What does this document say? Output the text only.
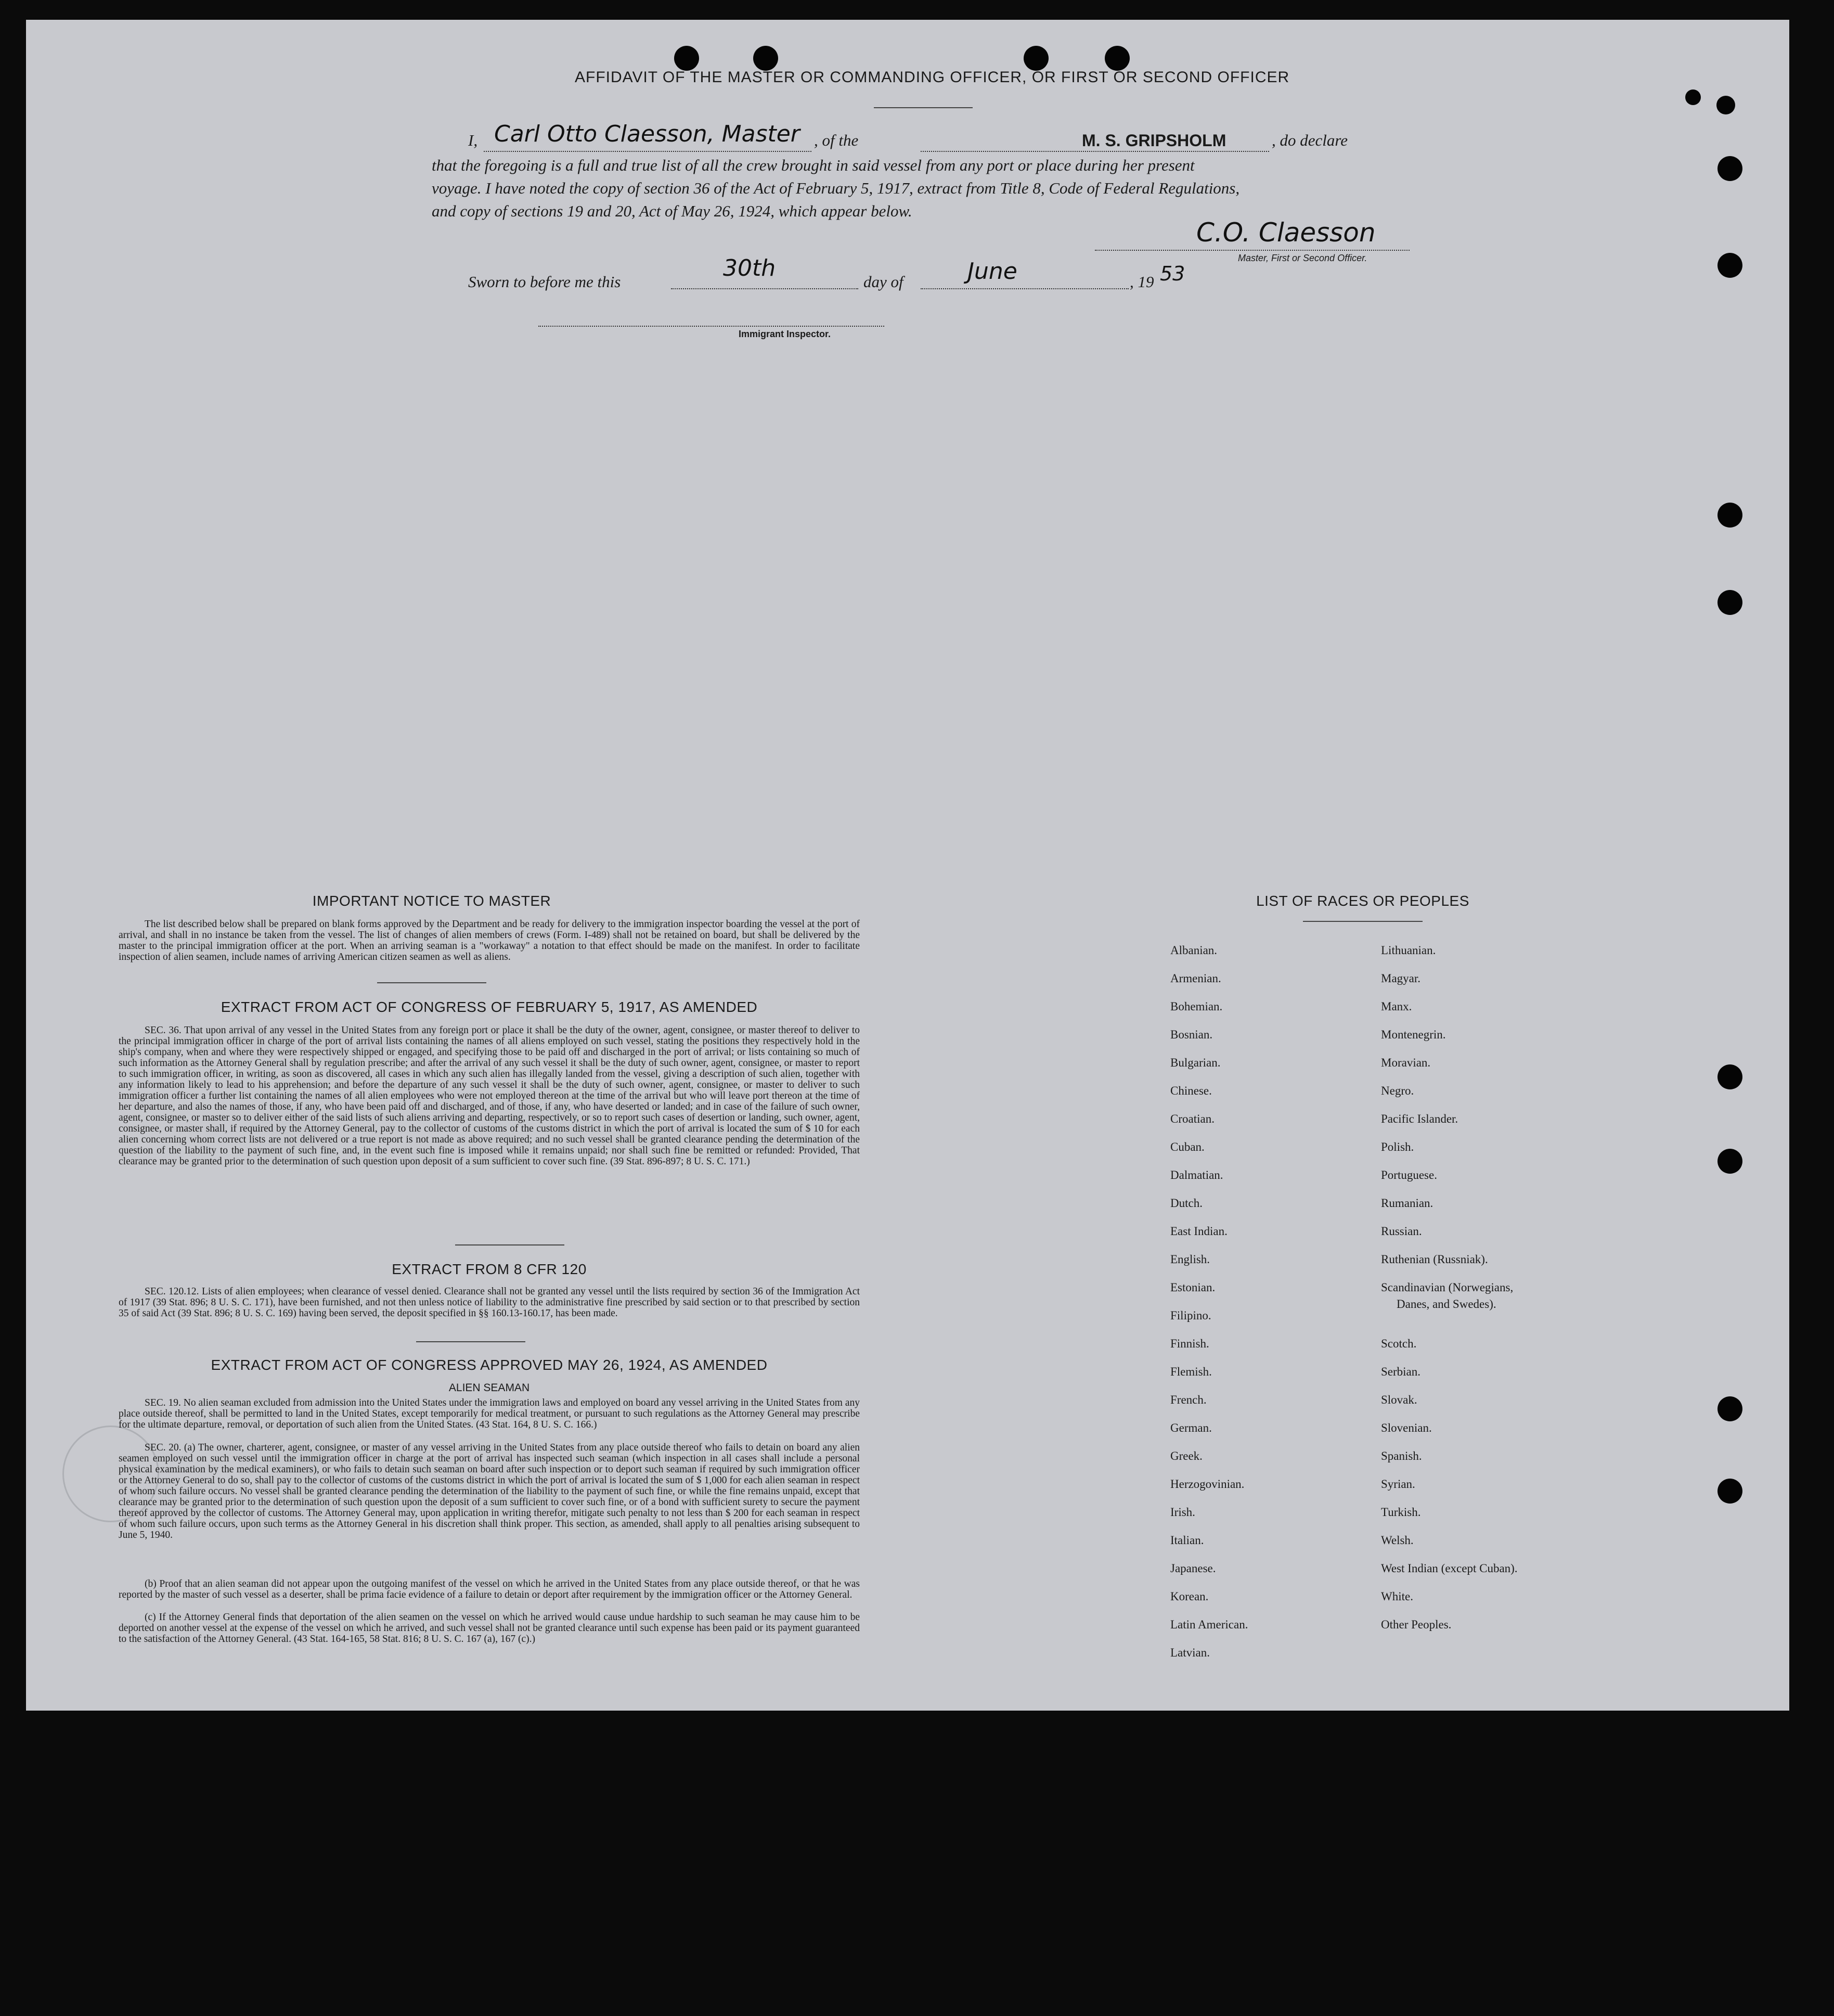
AFFIDAVIT OF THE MASTER OR COMMANDING OFFICER, OR FIRST OR SECOND OFFICER
I, Carl Otto Claesson, Master , of the	M. S. GRIPSHOLM	, do declare
that the foregoing is a full and true list of all the crew brought in said vessel from any port or place during her present
voyage. I have noted the copy of section 36 of the Act of February 5, 1917, extract from Title 8, Code of Federal Regulations,
and copy of sections 19 and 20, Act of May 26, 1924, which appear below.
C.O. Claesson
Master, First or Second Officer.
Sworn to before me this
30th
day of	June	, 19 53
Immigrant Inspector.
IMPORTANT NOTICE TO MASTER
The list described below shall be prepared on blank forms approved by the Department and be ready for delivery to the immigration inspector boarding the vessel at the port of arrival, and shall in no instance be taken from the vessel. The list of changes of alien members of crews (Form. I-489) shall not be retained on board, but shall be delivered by the master to the principal immigration officer at the port. When an arriving seaman is a "workaway" a notation to that effect should be made on the manifest. In order to facilitate inspection of alien seamen, include names of arriving American citizen seamen as well as aliens.
EXTRACT FROM ACT OF CONGRESS OF FEBRUARY 5, 1917, AS AMENDED
SEC. 36. That upon arrival of any vessel in the United States from any foreign port or place it shall be the duty of the owner, agent, consignee, or master thereof to deliver to the principal immigration officer in charge of the port of arrival lists containing the names of all aliens employed on such vessel, stating the positions they respectively hold in the ship's company, when and where they were respectively shipped or engaged, and specifying those to be paid off and discharged in the port of arrival; or lists containing so much of such information as the Attorney General shall by regulation prescribe; and after the arrival of any such vessel it shall be the duty of such owner, agent, consignee, or master to report to such immigration officer, in writing, as soon as discovered, all cases in which any such alien has illegally landed from the vessel, giving a description of such alien, together with any information likely to lead to his apprehension; and before the departure of any such vessel it shall be the duty of such owner, agent, consignee, or master to deliver to such immigration officer a further list containing the names of all alien employees who were not employed thereon at the time of the arrival but who will leave port thereon at the time of her departure, and also the names of those, if any, who have been paid off and discharged, and of those, if any, who have deserted or landed; and in case of the failure of such owner, agent, consignee, or master so to deliver either of the said lists of such aliens arriving and departing, respectively, or so to report such cases of desertion or landing, such owner, agent, consignee, or master shall, if required by the Attorney General, pay to the collector of customs of the customs district in which the port of arrival is located the sum of $ 10 for each alien concerning whom correct lists are not delivered or a true report is not made as above required; and no such vessel shall be granted clearance pending the determination of the question of the liability to the payment of such fine, and, in the event such fine is imposed while it remains unpaid; nor shall such fine be remitted or refunded: Provided, That clearance may be granted prior to the determination of such question upon deposit of a sum sufficient to cover such fine. (39 Stat. 896-897; 8 U. S. C. 171.)
EXTRACT FROM 8 CFR 120
SEC. 120.12. Lists of alien employees; when clearance of vessel denied. Clearance shall not be granted any vessel until the lists required by section 36 of the Immigration Act of 1917 (39 Stat. 896; 8 U. S. C. 171), have been furnished, and not then unless notice of liability to the administrative fine prescribed by said section or to that prescribed by section 35 of said Act (39 Stat. 896; 8 U. S. C. 169) having been served, the deposit specified in §§ 160.13-160.17, has been made.
EXTRACT FROM ACT OF CONGRESS APPROVED MAY 26, 1924, AS AMENDED
ALIEN SEAMAN
SEC. 19. No alien seaman excluded from admission into the United States under the immigration laws and employed on board any vessel arriving in the United States from any place outside thereof, shall be permitted to land in the United States, except temporarily for medical treatment, or pursuant to such regulations as the Attorney General may prescribe for the ultimate departure, removal, or deportation of such alien from the United States. (43 Stat. 164, 8 U. S. C. 166.)
SEC. 20. (a) The owner, charterer, agent, consignee, or master of any vessel arriving in the United States from any place outside thereof who fails to detain on board any alien seamen employed on such vessel until the immigration officer in charge at the port of arrival has inspected such seaman (which inspection in all cases shall include a personal physical examination by the medical examiners), or who fails to detain such seaman on board after such inspection or to deport such seaman if required by such immigration officer or the Attorney General to do so, shall pay to the collector of customs of the customs district in which the port of arrival is located the sum of $ 1,000 for each alien seaman in respect of whom such failure occurs. No vessel shall be granted clearance pending the determination of the liability to the payment of such fine, or while the fine remains unpaid, except that clearance may be granted prior to the determination of such question upon the deposit of a sum sufficient to cover such fine, or of a bond with sufficient surety to secure the payment thereof approved by the collector of customs. The Attorney General may, upon application in writing therefor, mitigate such penalty to not less than $ 200 for each seaman in respect of whom such failure occurs, upon such terms as the Attorney General in his discretion shall think proper. This section, as amended, shall apply to all penalties arising subsequent to June 5, 1940.
(b) Proof that an alien seaman did not appear upon the outgoing manifest of the vessel on which he arrived in the United States from any place outside thereof, or that he was reported by the master of such vessel as a deserter, shall be prima facie evidence of a failure to detain or deport after requirement by the immigration officer or the Attorney General.
(c) If the Attorney General finds that deportation of the alien seamen on the vessel on which he arrived would cause undue hardship to such seaman he may cause him to be deported on another vessel at the expense of the vessel on which he arrived, and such vessel shall not be granted clearance until such expense has been paid or its payment guaranteed to the satisfaction of the Attorney General. (43 Stat. 164-165, 58 Stat. 816; 8 U. S. C. 167 (a), 167 (c).)
LIST OF RACES OR PEOPLES
Albanian.
Armenian.
Bohemian.
Bosnian.
Bulgarian.
Chinese.
Croatian.
Cuban.
Dalmatian.
Dutch.
East Indian.
English.
Estonian.
Filipino.
Finnish.
Flemish.
French.
German.
Greek.
Herzogovinian.
Irish.
Italian.
Japanese.
Korean.
Latin American.
Latvian.
Lithuanian.
Magyar.
Manx.
Montenegrin.
Moravian.
Negro.
Pacific Islander.
Polish.
Portuguese.
Rumanian.
Russian.
Ruthenian (Russniak).
Scandinavian (Norwegians,
Danes, and Swedes).
Scotch.
Serbian.
Slovak.
Slovenian.
Spanish.
Syrian.
Turkish.
Welsh.
West Indian (except Cuban).
White.
Other Peoples.
